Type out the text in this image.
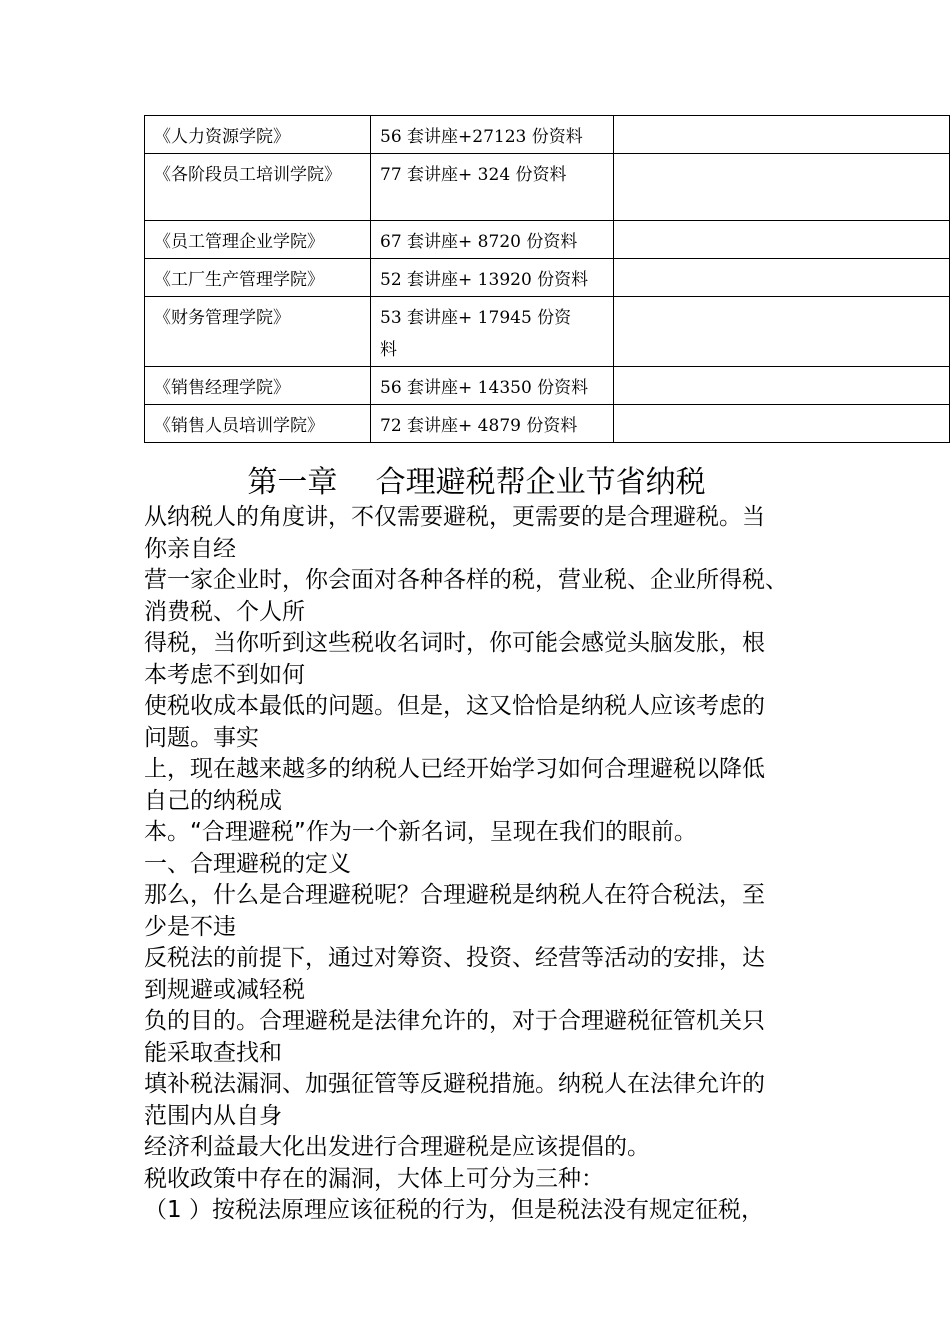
《人力资源学院》	56 套讲座+27123 份资料	

《各阶段员工培训学院》	77 套讲座+ 324 份资料	
《员工管理企业学院》	67 套讲座+ 8720 份资料	
《工厂生产管理学院》	52 套讲座+ 13920 份资料	
《财务管理学院》	53 套讲座+ 17945 份资料	

《销售经理学院》	56 套讲座+ 14350 份资料	
《销售人员培训学院》	72 套讲座+ 4879 份资料	
第一章    合理避税帮企业节省纳税
从纳税人的角度讲，不仅需要避税，更需要的是合理避税。当
你亲自经
营一家企业时，你会面对各种各样的税，营业税、企业所得税、
消费税、个人所
得税，当你听到这些税收名词时，你可能会感觉头脑发胀，根
本考虑不到如何
使税收成本最低的问题。但是，这又恰恰是纳税人应该考虑的
问题。事实
上，现在越来越多的纳税人已经开始学习如何合理避税以降低
自己的纳税成
本。“合理避税”作为一个新名词，呈现在我们的眼前。
一、合理避税的定义
那么，什么是合理避税呢？合理避税是纳税人在符合税法，至
少是不违
反税法的前提下，通过对筹资、投资、经营等活动的安排，达
到规避或减轻税
负的目的。合理避税是法律允许的，对于合理避税征管机关只
能采取查找和
填补税法漏洞、加强征管等反避税措施。纳税人在法律允许的
范围内从自身
经济利益最大化出发进行合理避税是应该提倡的。
税收政策中存在的漏洞，大体上可分为三种：
（1 ）按税法原理应该征税的行为，但是税法没有规定征税，
